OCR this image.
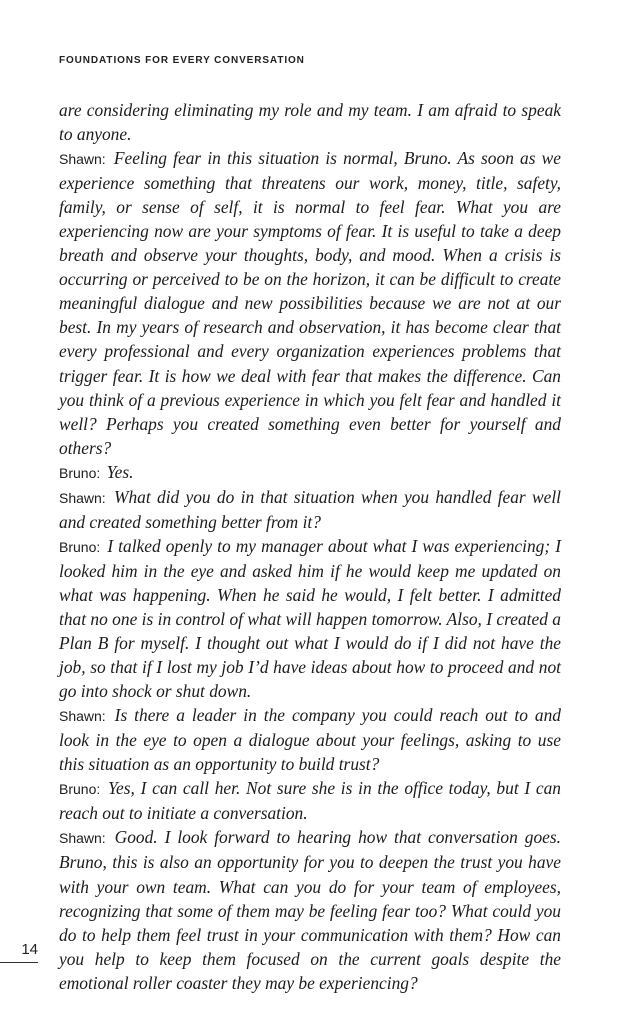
FOUNDATIONS FOR EVERY CONVERSATION

are considering eliminating my role and my team. I am afraid to speak to anyone.

Shawn: Feeling fear in this situation is normal, Bruno. As soon as we experience something that threatens our work, money, title, safety, family, or sense of self, it is normal to feel fear. What you are experiencing now are your symptoms of fear. It is useful to take a deep breath and observe your thoughts, body, and mood. When a crisis is occurring or perceived to be on the horizon, it can be difficult to create meaningful dialogue and new possibilities because we are not at our best. In my years of research and observation, it has become clear that every professional and every organization experiences problems that trigger fear. It is how we deal with fear that makes the difference. Can you think of a previous experience in which you felt fear and handled it well? Perhaps you created something even better for yourself and others?

Bruno: Yes.

Shawn: What did you do in that situation when you handled fear well and created something better from it?

Bruno: I talked openly to my manager about what I was experiencing; I looked him in the eye and asked him if he would keep me updated on what was happening. When he said he would, I felt better. I admitted that no one is in control of what will happen tomorrow. Also, I created a Plan B for myself. I thought out what I would do if I did not have the job, so that if I lost my job I’d have ideas about how to proceed and not go into shock or shut down.

Shawn: Is there a leader in the company you could reach out to and look in the eye to open a dialogue about your feelings, asking to use this situation as an opportunity to build trust?

Bruno: Yes, I can call her. Not sure she is in the office today, but I can reach out to initiate a conversation.

Shawn: Good. I look forward to hearing how that conversation goes. Bruno, this is also an opportunity for you to deepen the trust you have with your own team. What can you do for your team of employees, recognizing that some of them may be feeling fear too? What could you do to help them feel trust in your communication with them? How can you help to keep them focused on the current goals despite the emotional roller coaster they may be experiencing?

14
